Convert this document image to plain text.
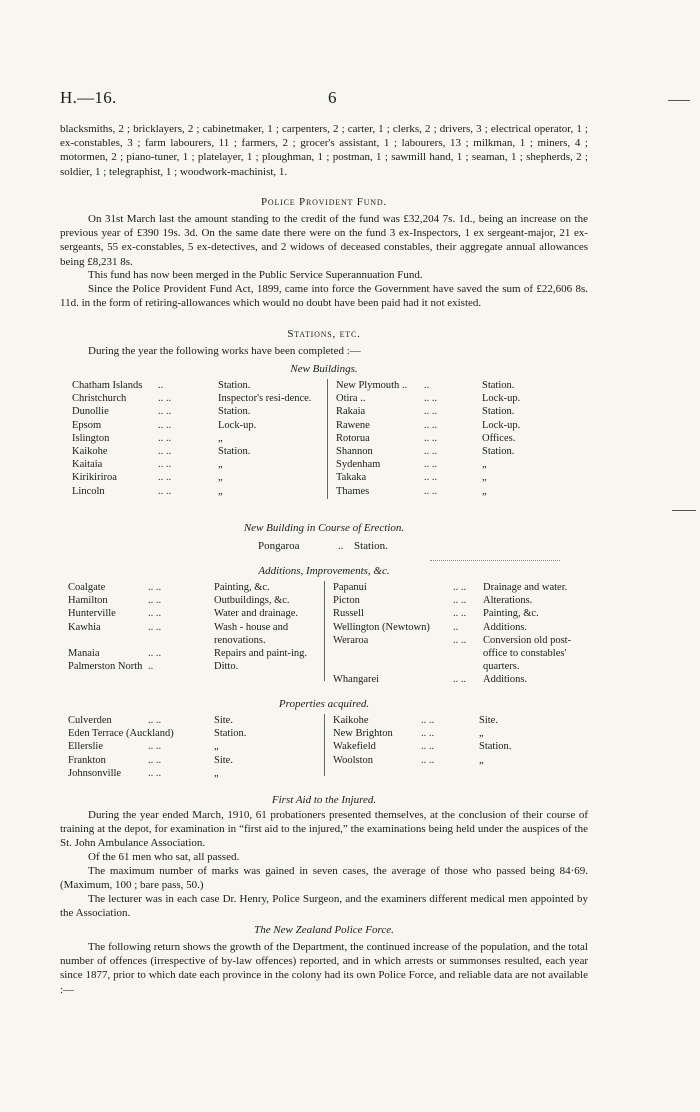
H.—16.	6

blacksmiths, 2 ; bricklayers, 2 ; cabinetmaker, 1 ; carpenters, 2 ; carter, 1 ; clerks, 2 ; drivers, 3 ; electrical operator, 1 ; ex-constables, 3 ; farm labourers, 11 ; farmers, 2 ; grocer's assistant, 1 ; labourers, 13 ; milkman, 1 ; miners, 4 ; motormen, 2 ; piano-tuner, 1 ; platelayer, 1 ; ploughman, 1 ; postman, 1 ; sawmill hand, 1 ; seaman, 1 ; shepherds, 2 ; soldier, 1 ; telegraphist, 1 ; woodwork-machinist, 1.

Police Provident Fund.

On 31st March last the amount standing to the credit of the fund was £32,204 7s. 1d., being an increase on the previous year of £390 19s. 3d. On the same date there were on the fund 3 ex-Inspectors, 1 ex sergeant-major, 21 ex-sergeants, 55 ex-constables, 5 ex-detectives, and 2 widows of deceased constables, their aggregate annual allowances being £8,231 8s.

This fund has now been merged in the Public Service Superannuation Fund.

Since the Police Provident Fund Act, 1899, came into force the Government have saved the sum of £22,606 8s. 11d. in the form of retiring-allowances which would no doubt have been paid had it not existed.

Stations, etc.

During the year the following works have been completed :—

New Buildings.

Chatham Islands	..	Station.
Christchurch	.. ..	Inspector's resi-dence.
Dunollie	.. ..	Station.
Epsom	.. ..	Lock-up.
Islington	.. ..	„
Kaikohe	.. ..	Station.
Kaitaia	.. ..	„
Kirikiriroa	.. ..	„
Lincoln	.. ..	„
New Plymouth ..	..	Station.
Otira ..	.. ..	Lock-up.
Rakaia	.. ..	Station.
Rawene	.. ..	Lock-up.
Rotorua	.. ..	Offices.
Shannon	.. ..	Station.
Sydenham	.. ..	„
Takaka	.. ..	„
Thames	.. ..	„

New Building in Course of Erection.

Pongaroa	.. Station.

Additions, Improvements, &c.

Coalgate	.. ..	Painting, &c.
Hamilton	.. ..	Outbuildings, &c.
Hunterville	.. ..	Water and drainage.
Kawhia	.. ..	Wash - house and renovations.
Manaia	.. ..	Repairs and paint-ing.
Palmerston North ..	Ditto.
Papanui	.. ..	Drainage and water.
Picton	.. ..	Alterations.
Russell	.. ..	Painting, &c.
Wellington (Newtown)	..	Additions.
Weraroa	.. ..	Conversion old post-office to constables' quarters.
Whangarei	.. ..	Additions.

Properties acquired.

Culverden	.. ..	Site.
Eden Terrace (Auckland)	Station.
Ellerslie	.. ..	„
Frankton	.. ..	Site.
Johnsonville	.. ..	„
Kaikohe	.. ..	Site.
New Brighton	.. ..	„
Wakefield	.. ..	Station.
Woolston	.. ..	„

First Aid to the Injured.

During the year ended March, 1910, 61 probationers presented themselves, at the conclusion of their course of training at the depot, for examination in “first aid to the injured,” the examinations being held under the auspices of the St. John Ambulance Association.

Of the 61 men who sat, all passed.

The maximum number of marks was gained in seven cases, the average of those who passed being 84·69. (Maximum, 100 ; bare pass, 50.)

The lecturer was in each case Dr. Henry, Police Surgeon, and the examiners different medical men appointed by the Association.

The New Zealand Police Force.

The following return shows the growth of the Department, the continued increase of the population, and the total number of offences (irrespective of by-law offences) reported, and in which arrests or summonses resulted, each year since 1877, prior to which date each province in the colony had its own Police Force, and reliable data are not available :—
